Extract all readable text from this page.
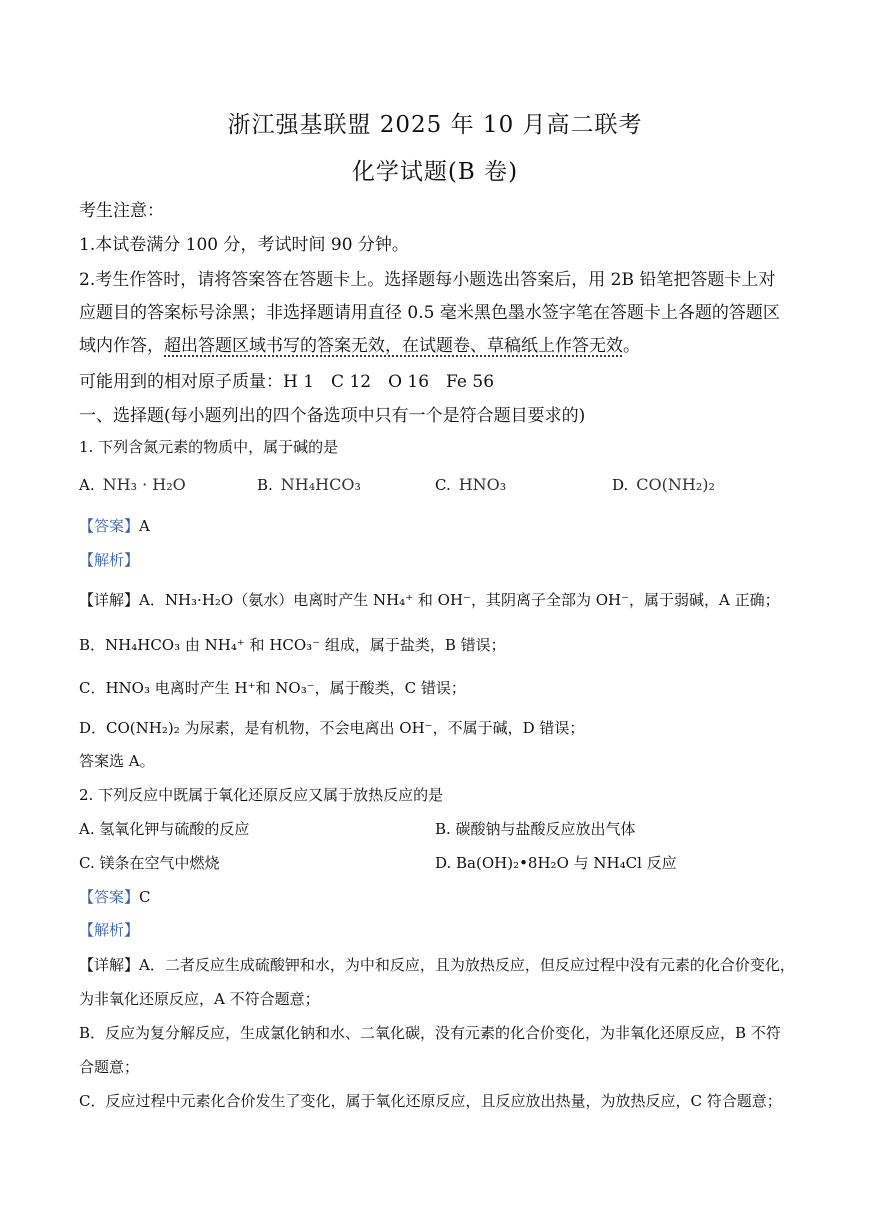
浙江强基联盟 2025 年 10 月高二联考
化学试题(B 卷)
考生注意：
1.本试卷满分 100 分，考试时间 90 分钟。
2.考生作答时，请将答案答在答题卡上。选择题每小题选出答案后，用 2B 铅笔把答题卡上对
应题目的答案标号涂黑；非选择题请用直径 0.5 毫米黑色墨水签字笔在答题卡上各题的答题区
域内作答，超出答题区域书写的答案无效，在试题卷、草稿纸上作答无效。
可能用到的相对原子质量：H 1　C 12　O 16　Fe 56
一、选择题(每小题列出的四个备选项中只有一个是符合题目要求的)
1. 下列含氮元素的物质中，属于碱的是
A. NH₃ · H₂O	B. NH₄HCO₃	C. HNO₃	D. CO(NH₂)₂
【答案】A
【解析】
【详解】A．NH₃·H₂O（氨水）电离时产生 NH₄⁺ 和 OH⁻，其阴离子全部为 OH⁻，属于弱碱，A 正确；
B．NH₄HCO₃ 由 NH₄⁺ 和 HCO₃⁻ 组成，属于盐类，B 错误；
C．HNO₃ 电离时产生 H⁺和 NO₃⁻，属于酸类，C 错误；
D．CO(NH₂)₂ 为尿素，是有机物，不会电离出 OH⁻，不属于碱，D 错误；
答案选 A。
2. 下列反应中既属于氧化还原反应又属于放热反应的是
A. 氢氧化钾与硫酸的反应	B. 碳酸钠与盐酸反应放出气体
C. 镁条在空气中燃烧	D. Ba(OH)₂•8H₂O 与 NH₄Cl 反应
【答案】C
【解析】
【详解】A．二者反应生成硫酸钾和水，为中和反应，且为放热反应，但反应过程中没有元素的化合价变化，
为非氧化还原反应，A 不符合题意；
B．反应为复分解反应，生成氯化钠和水、二氧化碳，没有元素的化合价变化，为非氧化还原反应，B 不符
合题意；
C．反应过程中元素化合价发生了变化，属于氧化还原反应，且反应放出热量，为放热反应，C 符合题意；
